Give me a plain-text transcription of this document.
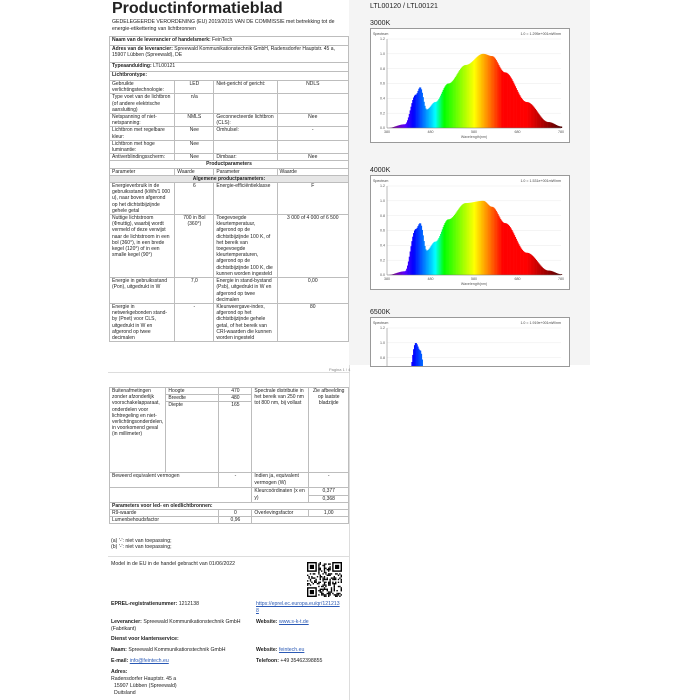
Productinformatieblad
GEDELEGEERDE VERORDENING (EU) 2019/2015 VAN DE COMMISSIE met betrekking tot de energie-etikettering van lichtbronnen
Naam van de leverancier of handelsmerk: FeinTech			
Adres van de leverancier: Spreewald Kommunikationstechnik GmbH, Radensdorfer Hauptstr. 45 a, 15907 Lübben (Spreewald), DE			
Typeaanduiding: LTL00121			
Lichtbrontype:			
Gebruikte verlichtingstechnologie:	LED	Niet-gericht of gericht:	NDLS
Type voet van de lichtbron (of andere elektrische aansluiting)	n/a		
Netspanning of niet-netspanning:	NMLS	Geconnecteerde lichtbron (CLS):	Nee
Lichtbron met regelbare kleur:	Nee	Omhulsel:	-
Lichtbron met hoge luminantie:	Nee		
Antiverblindingsscherm:	Nee	Dimbaar:	Nee
Productparameters			
Parameter	Waarde	Parameter	Waarde
Algemene productparameters:			
Energieverbruik in de gebruiksstand (kWh/1 000 u), naar boven afgerond op het dichtstbijzijnde gehele getal	6	Energie-efficiëntieklasse	F
Nuttige lichtstroom (Φnuttig), waarbij wordt vermeld of deze verwijst naar de lichtstroom in een bol (360°), in een brede kegel (120°) of in een smalle kegel (90°)	700 in Bol (360°)	Toegevoegde kleurtemperatuur, afgerond op de dichtstbijzijnde 100 K, of het bereik van toegevoegde kleurtemperaturen, afgerond op de dichtstbijzijnde 100 K, die kunnen worden ingesteld	3 000 of 4 000 of 6 500
Energie in gebruiksstand (Pon), uitgedrukt in W	7,0	Energie in stand-bystand (Psb), uitgedrukt in W en afgerond op twee decimalen	0,00
Energie in netwerkgebonden stand-by (Pnet) voor CLS, uitgedrukt in W en afgerond op twee decimalen	-	Kleurweergave-index, afgerond op het dichtstbijzijnde gehele getal, of het bereik van CRI-waarden die kunnen worden ingesteld	80
Pagina 1 / 4
Buitenafmetingen zonder afzonderlijk voorschakelapparaat, onderdelen voor lichtregeling en niet-verlichtingsonderdelen, in voorkomend geval (in millimeter)	Hoogte	470	Spectrale distributie in het bereik van 250 nm tot 800 nm, bij vollast	Zie afbeelding op laatste bladzijde
	Breedte	480		
	Diepte	165		
Beweerd equivalent vermogen		-	Indien ja, equivalent vermogen (W)	-
			Kleurcoördinaten (x en y)	0,377
				0,368
Parameters voor led- en oledlichtbronnen:				
R9-waarde		0	Overlevingsfactor	1,00
Lumenbehoudsfactor		0,96		
(a) '-': niet van toepassing;
(b) '-': niet van toepassing;
Model in de EU in de handel gebracht van 01/06/2022
EPREL-registratienummer: 1212138	https://eprel.ec.europa.eu/qr/1212138
Leverancier: Spreewald Kommunikationstechnik GmbH (Fabrikant)
Website: www.s-k-t.de
Dienst voor klantenservice:
Naam: Spreewald Kommunikationstechnik GmbH	Website: feintech.eu
E-mail: info@feintech.eu	Telefoon: +49 35462398855
Adres:
Radensdorfer Hauptstr. 45 a
15907 Lübben (Spreewald)
Duitsland
LTL00120 / LTL00121
3000K
Spectrum	1.0 = 1.295e+001mW/nm
0.0
0.2
0.4
0.6
0.8
1.0
1.2
380	480	580	680	780
Wavelength(nm)
4000K
Spectrum	1.0 = 1.531e+001mW/nm
0.0
0.2
0.4
0.6
0.8
1.0
1.2
380	480	580	680	780
Wavelength(nm)
6500K
Spectrum	1.0 = 1.919e+001mW/nm
0.8
1.0
1.2
